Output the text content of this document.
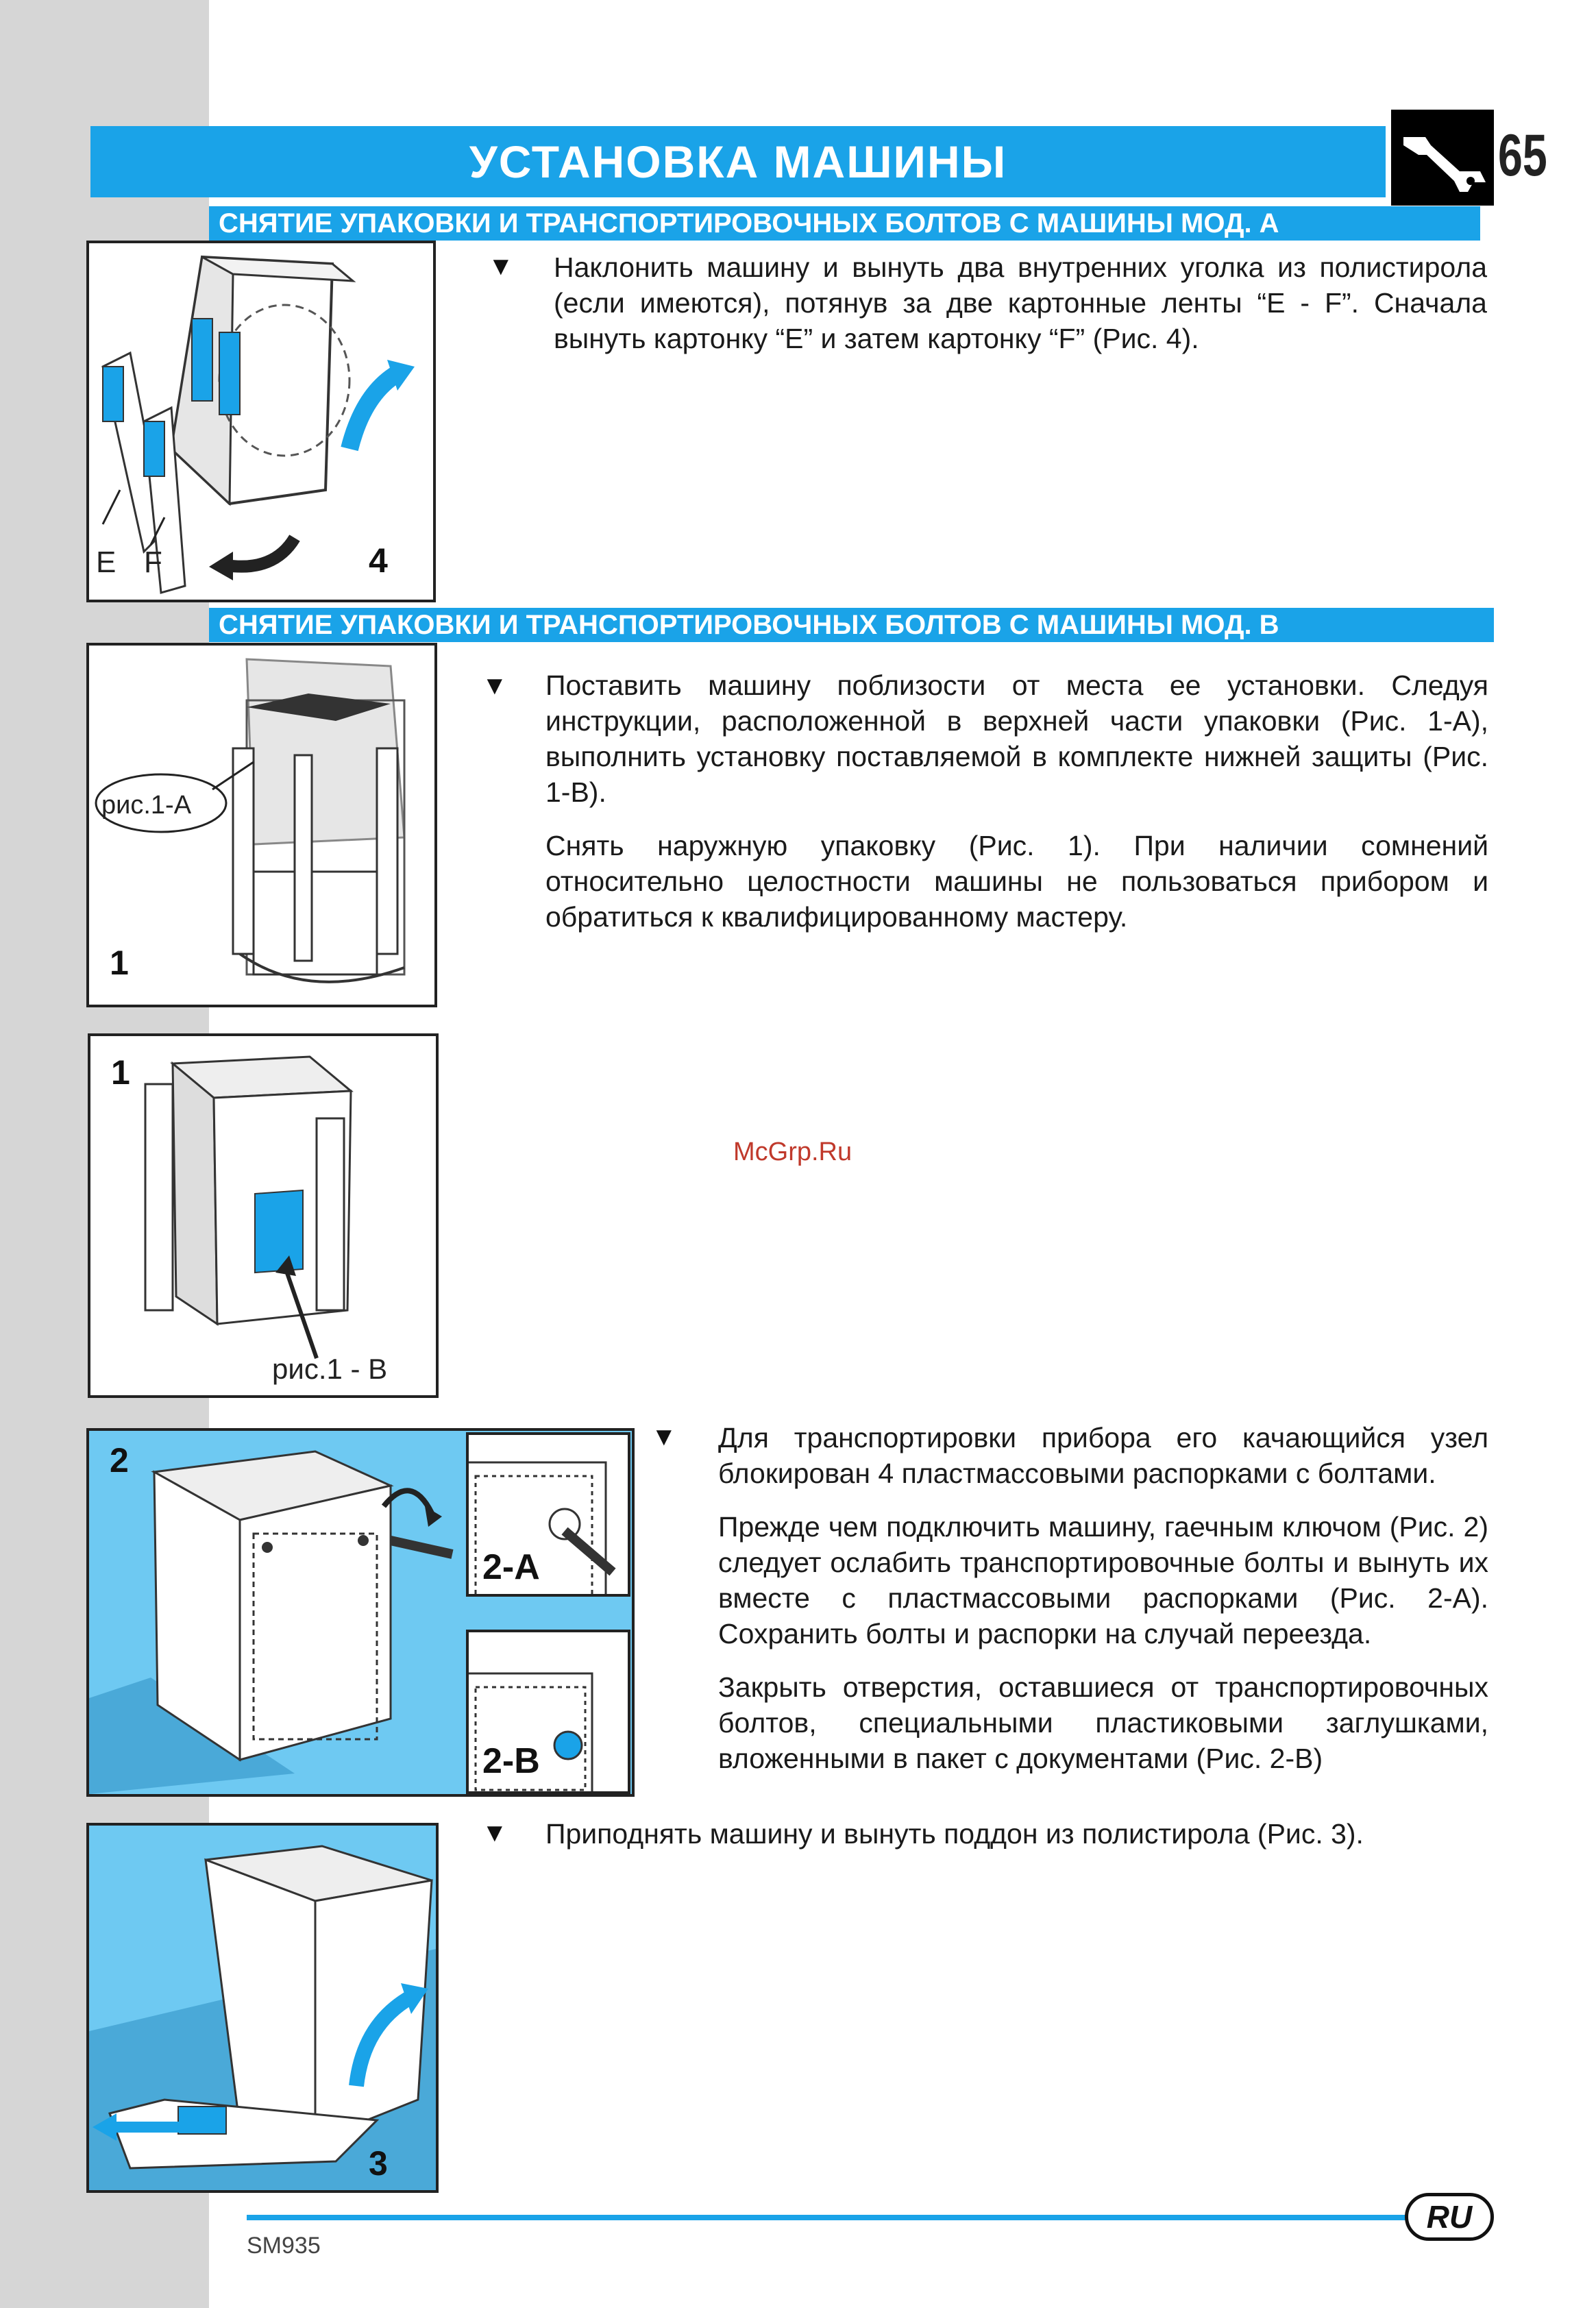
УСТАНОВКА МАШИНЫ	65
СНЯТИЕ УПАКОВКИ И ТРАНСПОРТИРОВОЧНЫХ БОЛТОВ С МАШИНЫ МОД. A
E F	4
▼ Наклонить машину и вынуть два внутренних уголка из полистирола (если имеются), потянув за две картонные ленты “E - F”. Сначала вынуть картонку “E” и затем картонку “F” (Рис. 4).

СНЯТИЕ УПАКОВКИ И ТРАНСПОРТИРОВОЧНЫХ БОЛТОВ С МАШИНЫ МОД. B
рис.1-A
1
▼ Поставить машину поблизости от места ее установки. Следуя инструкции, расположенной в верхней части упаковки (Рис. 1-A), выполнить установку поставляемой в комплекте нижней защиты (Рис. 1-B).

Снять наружную упаковку (Рис. 1). При наличии сомнений относительно целостности машины не пользоваться прибором и обратиться к квалифицированному мастеру.

1
рис.1 - B
McGrp.Ru
2
2-A
2-B
▼ Для транспортировки прибора его качающийся узел блокирован 4 пластмассовыми распорками с болтами.

Прежде чем подключить машину, гаечным ключом (Рис. 2) следует ослабить транспортировочные болты и вынуть их вместе с пластмассовыми распорками (Рис. 2-A). Сохранить болты и распорки на случай переезда.

Закрыть отверстия, оставшиеся от транспортировочных болтов, специальными пластиковыми заглушками, вложенными в пакет с документами (Рис. 2-B)

3
▼ Приподнять машину и вынуть поддон из полистирола (Рис. 3).

RU
SM935
